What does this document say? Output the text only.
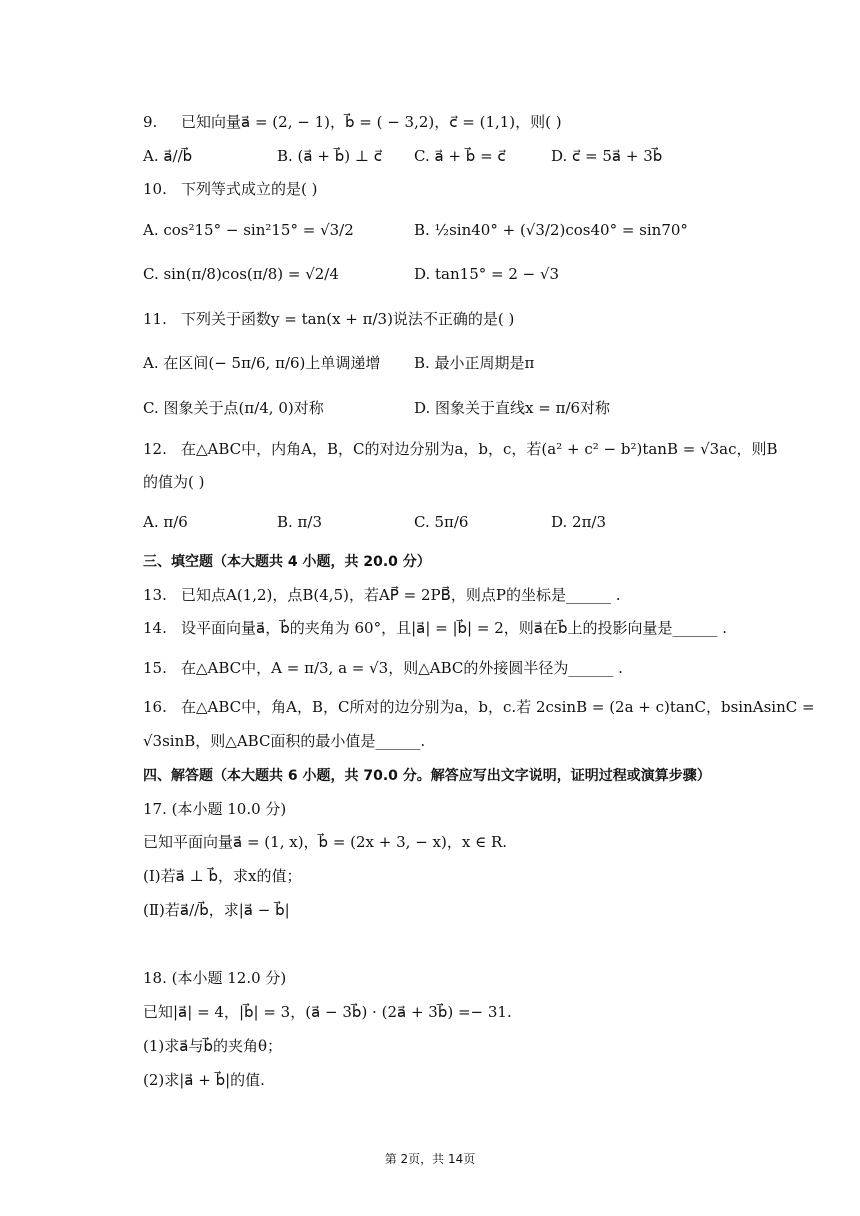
9. 已知向量a⃗ = (2, − 1)，b⃗ = ( − 3,2)，c⃗ = (1,1)，则( )
A. a⃗//b⃗	B. (a⃗ + b⃗) ⊥ c⃗ C. a⃗ + b⃗ = c⃗	D. c⃗ = 5a⃗ + 3b⃗
10. 下列等式成立的是( )
A. cos²15° − sin²15° = √3/2	B. ½sin40° + (√3/2)cos40° = sin70°
C. sin(π/8)cos(π/8) = √2/4	D. tan15° = 2 − √3
11. 下列关于函数y = tan(x + π/3)说法不正确的是( )
A. 在区间(− 5π/6, π/6)上单调递增 B. 最小正周期是π
C. 图象关于点(π/4, 0)对称	D. 图象关于直线x = π/6对称
12. 在△ABC中，内角A，B，C的对边分别为a，b，c，若(a² + c² − b²)tanB = √3ac，则B
的值为( )
A. π/6	B. π/3	C. 5π/6	D. 2π/3
三、填空题（本大题共 4 小题，共 20.0 分）
13. 已知点A(1,2)，点B(4,5)，若AP⃗ = 2PB⃗，则点P的坐标是______ .
14. 设平面向量a⃗，b⃗的夹角为 60°，且|a⃗| = |b⃗| = 2，则a⃗在b⃗上的投影向量是______ .
15. 在△ABC中，A = π/3, a = √3，则△ABC的外接圆半径为______ .
16. 在△ABC中，角A，B，C所对的边分别为a，b，c.若 2csinB = (2a + c)tanC，bsinAsinC =
√3sinB，则△ABC面积的最小值是______.
四、解答题（本大题共 6 小题，共 70.0 分。解答应写出文字说明，证明过程或演算步骤）
17. (本小题 10.0 分)
已知平面向量a⃗ = (1, x)，b⃗ = (2x + 3, − x)，x ∈ R.
(Ⅰ)若a⃗ ⊥ b⃗，求x的值；
(Ⅱ)若a⃗//b⃗，求|a⃗ − b⃗|
18. (本小题 12.0 分)
已知|a⃗| = 4，|b⃗| = 3，(a⃗ − 3b⃗) · (2a⃗ + 3b⃗) =− 31.
(1)求a⃗与b⃗的夹角θ；
(2)求|a⃗ + b⃗|的值.
第 2页，共 14页
